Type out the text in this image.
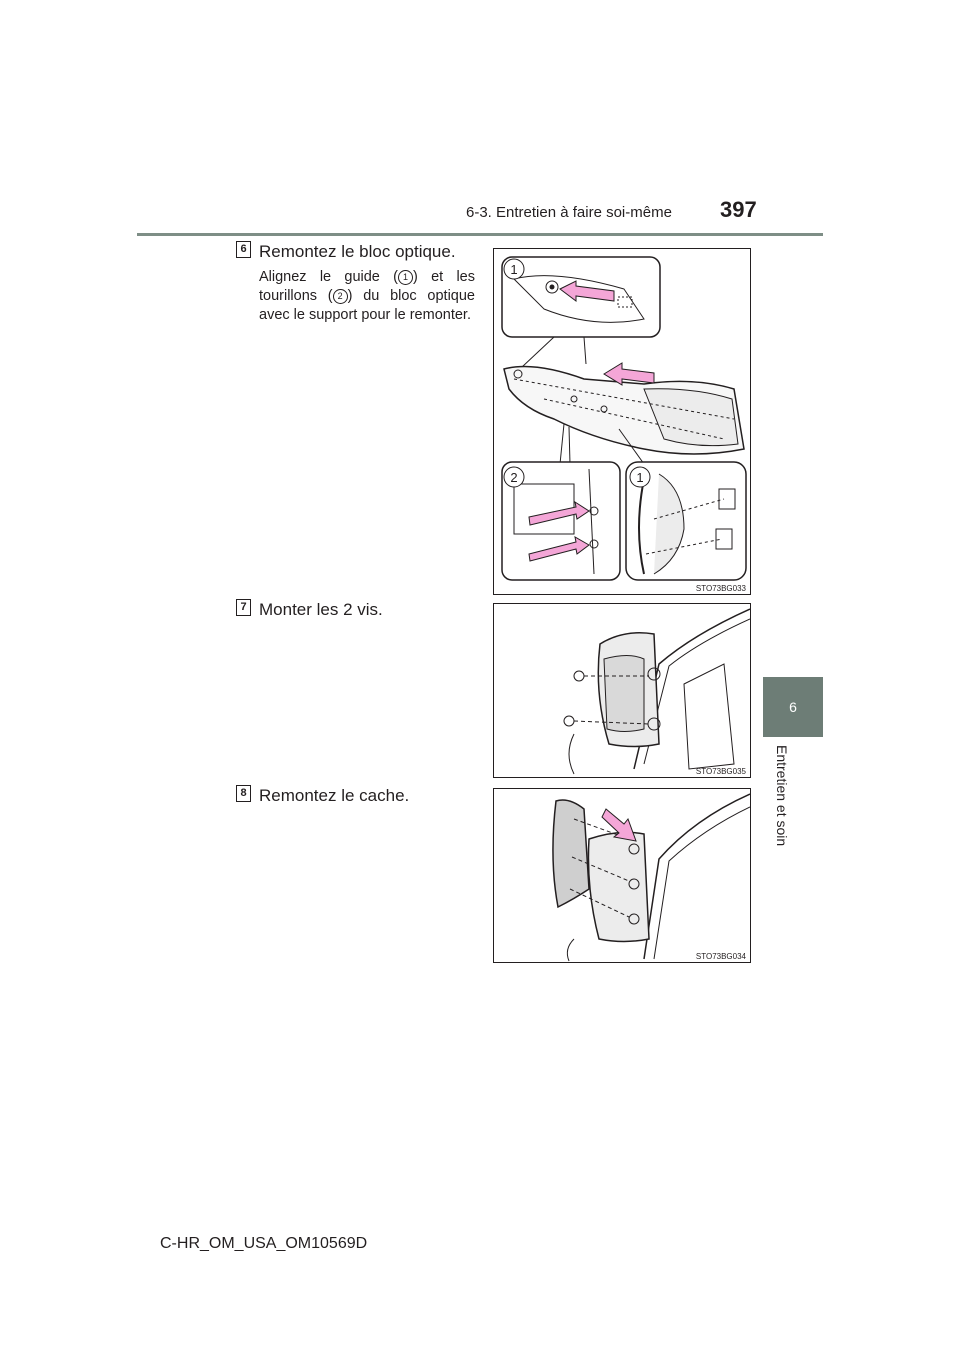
6-3. Entretien à faire soi-même 397
6
Entretien et soin
6 Remontez le bloc optique.
Alignez le guide ( 1 ) et les tourillons ( 2 ) du bloc optique avec le support pour le remonter.
1
2	1
STO73BG033
7 Monter les 2 vis.
STO73BG035
8 Remontez le cache.
STO73BG034
C-HR_OM_USA_OM10569D
